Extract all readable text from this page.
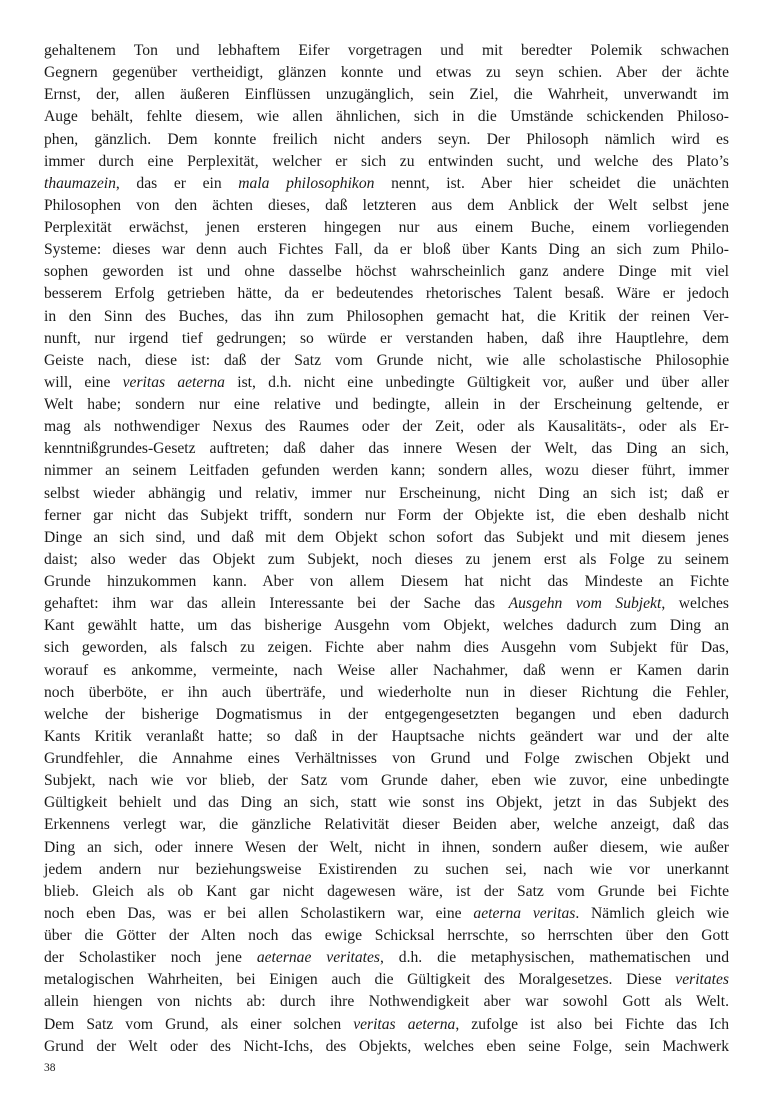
gehaltenem Ton und lebhaftem Eifer vorgetragen und mit beredter Polemik schwachen
Gegnern gegenüber vertheidigt, glänzen konnte und etwas zu seyn schien. Aber der ächte
Ernst, der, allen äußeren Einflüssen unzugänglich, sein Ziel, die Wahrheit, unverwandt im
Auge behält, fehlte diesem, wie allen ähnlichen, sich in die Umstände schickenden Philoso-
phen, gänzlich. Dem konnte freilich nicht anders seyn. Der Philosoph nämlich wird es
immer durch eine Perplexität, welcher er sich zu entwinden sucht, und welche des Plato’s
thaumazein, das er ein mala philosophikon nennt, ist. Aber hier scheidet die unächten
Philosophen von den ächten dieses, daß letzteren aus dem Anblick der Welt selbst jene
Perplexität erwächst, jenen ersteren hingegen nur aus einem Buche, einem vorliegenden
Systeme: dieses war denn auch Fichtes Fall, da er bloß über Kants Ding an sich zum Philo-
sophen geworden ist und ohne dasselbe höchst wahrscheinlich ganz andere Dinge mit viel
besserem Erfolg getrieben hätte, da er bedeutendes rhetorisches Talent besaß. Wäre er jedoch
in den Sinn des Buches, das ihn zum Philosophen gemacht hat, die Kritik der reinen Ver-
nunft, nur irgend tief gedrungen; so würde er verstanden haben, daß ihre Hauptlehre, dem
Geiste nach, diese ist: daß der Satz vom Grunde nicht, wie alle scholastische Philosophie
will, eine veritas aeterna ist, d.h. nicht eine unbedingte Gültigkeit vor, außer und über aller
Welt habe; sondern nur eine relative und bedingte, allein in der Erscheinung geltende, er
mag als nothwendiger Nexus des Raumes oder der Zeit, oder als Kausalitäts-, oder als Er-
kenntnißgrundes-Gesetz auftreten; daß daher das innere Wesen der Welt, das Ding an sich,
nimmer an seinem Leitfaden gefunden werden kann; sondern alles, wozu dieser führt, immer
selbst wieder abhängig und relativ, immer nur Erscheinung, nicht Ding an sich ist; daß er
ferner gar nicht das Subjekt trifft, sondern nur Form der Objekte ist, die eben deshalb nicht
Dinge an sich sind, und daß mit dem Objekt schon sofort das Subjekt und mit diesem jenes
daist; also weder das Objekt zum Subjekt, noch dieses zu jenem erst als Folge zu seinem
Grunde hinzukommen kann. Aber von allem Diesem hat nicht das Mindeste an Fichte
gehaftet: ihm war das allein Interessante bei der Sache das Ausgehn vom Subjekt, welches
Kant gewählt hatte, um das bisherige Ausgehn vom Objekt, welches dadurch zum Ding an
sich geworden, als falsch zu zeigen. Fichte aber nahm dies Ausgehn vom Subjekt für Das,
worauf es ankomme, vermeinte, nach Weise aller Nachahmer, daß wenn er Kamen darin
noch überböte, er ihn auch überträfe, und wiederholte nun in dieser Richtung die Fehler,
welche der bisherige Dogmatismus in der entgegengesetzten begangen und eben dadurch
Kants Kritik veranlaßt hatte; so daß in der Hauptsache nichts geändert war und der alte
Grundfehler, die Annahme eines Verhältnisses von Grund und Folge zwischen Objekt und
Subjekt, nach wie vor blieb, der Satz vom Grunde daher, eben wie zuvor, eine unbedingte
Gültigkeit behielt und das Ding an sich, statt wie sonst ins Objekt, jetzt in das Subjekt des
Erkennens verlegt war, die gänzliche Relativität dieser Beiden aber, welche anzeigt, daß das
Ding an sich, oder innere Wesen der Welt, nicht in ihnen, sondern außer diesem, wie außer
jedem andern nur beziehungsweise Existirenden zu suchen sei, nach wie vor unerkannt
blieb. Gleich als ob Kant gar nicht dagewesen wäre, ist der Satz vom Grunde bei Fichte
noch eben Das, was er bei allen Scholastikern war, eine aeterna veritas. Nämlich gleich wie
über die Götter der Alten noch das ewige Schicksal herrschte, so herrschten über den Gott
der Scholastiker noch jene aeternae veritates, d.h. die metaphysischen, mathematischen und
metalogischen Wahrheiten, bei Einigen auch die Gültigkeit des Moralgesetzes. Diese veritates
allein hiengen von nichts ab: durch ihre Nothwendigkeit aber war sowohl Gott als Welt.
Dem Satz vom Grund, als einer solchen veritas aeterna, zufolge ist also bei Fichte das Ich
Grund der Welt oder des Nicht-Ichs, des Objekts, welches eben seine Folge, sein Machwerk
38
